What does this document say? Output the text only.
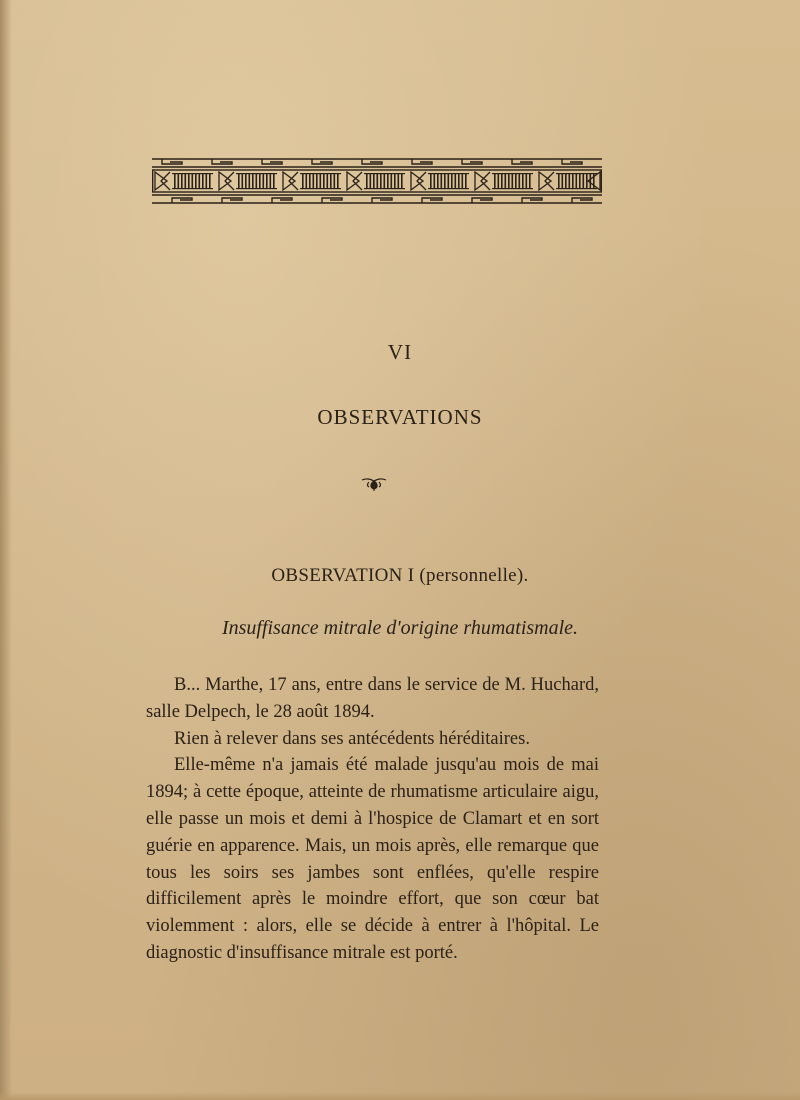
VI
OBSERVATIONS
OBSERVATION I (personnelle).
Insuffisance mitrale d'origine rhumatismale.

B... Marthe, 17 ans, entre dans le service de M. Huchard, salle Delpech, le 28 août 1894.

Rien à relever dans ses antécédents héréditaires.

Elle-même n'a jamais été malade jusqu'au mois de mai 1894; à cette époque, atteinte de rhumatisme articulaire aigu, elle passe un mois et demi à l'hospice de Clamart et en sort guérie en apparence. Mais, un mois après, elle remarque que tous les soirs ses jambes sont enflées, qu'elle respire difficilement après le moindre effort, que son cœur bat violemment : alors, elle se décide à entrer à l'hôpital. Le diagnostic d'insuffisance mitrale est porté.
